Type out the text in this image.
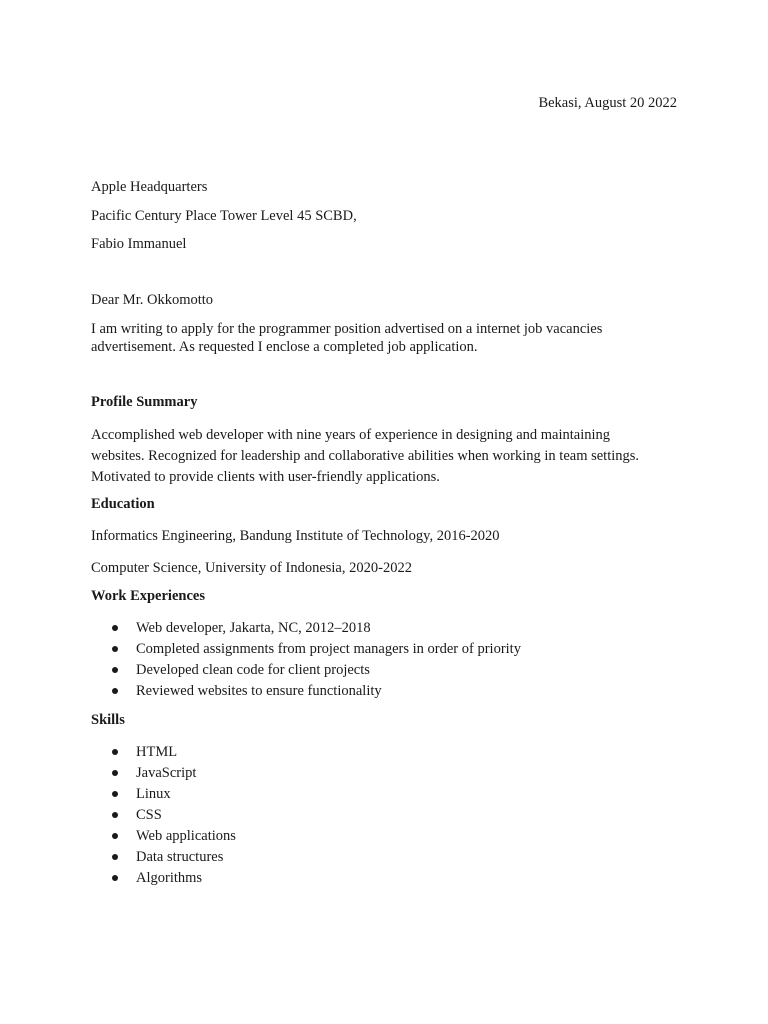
Bekasi, August 20 2022

Apple Headquarters

Pacific Century Place Tower Level 45 SCBD,

Fabio Immanuel

Dear Mr. Okkomotto

I am writing to apply for the programmer position advertised on a internet job vacancies
advertisement. As requested I enclose a completed job application.

Profile Summary

Accomplished web developer with nine years of experience in designing and maintaining
websites. Recognized for leadership and collaborative abilities when working in team settings.
Motivated to provide clients with user-friendly applications.

Education

Informatics Engineering, Bandung Institute of Technology, 2016-2020

Computer Science, University of Indonesia, 2020-2022

Work Experiences

Web developer, Jakarta, NC, 2012–2018
Completed assignments from project managers in order of priority
Developed clean code for client projects
Reviewed websites to ensure functionality

Skills

HTML
JavaScript
Linux
CSS
Web applications
Data structures
Algorithms
